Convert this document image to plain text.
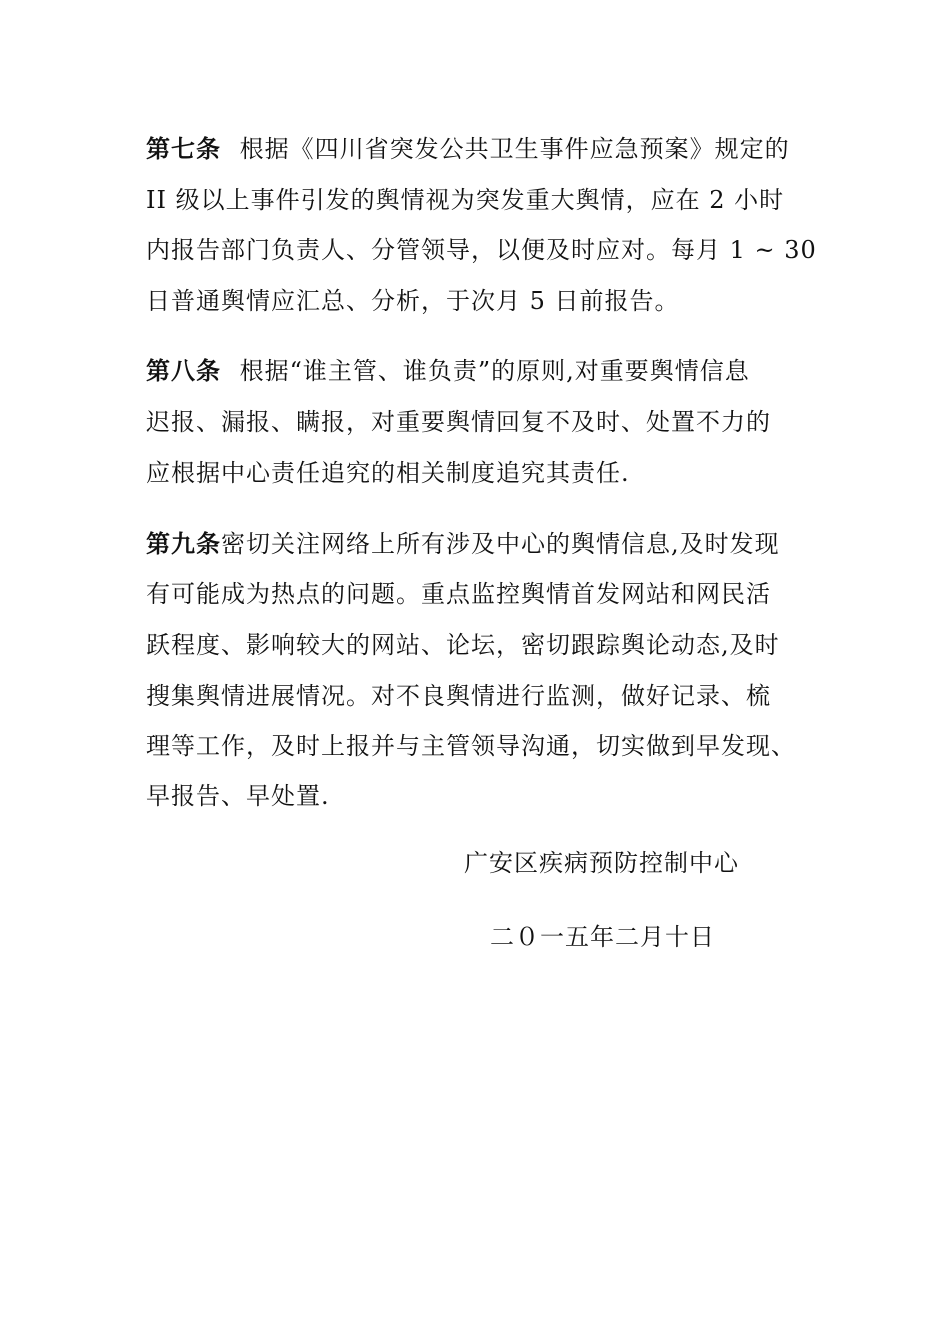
第七条 根据《四川省突发公共卫生事件应急预案》规定的
II 级以上事件引发的舆情视为突发重大舆情，应在 2 小时
内报告部门负责人、分管领导，以便及时应对。每月 1 ~ 30
日普通舆情应汇总、分析，于次月 5 日前报告。
第八条 根据“谁主管、谁负责”的原则,对重要舆情信息
迟报、漏报、瞒报，对重要舆情回复不及时、处置不力的
应根据中心责任追究的相关制度追究其责任.
第九条密切关注网络上所有涉及中心的舆情信息,及时发现
有可能成为热点的问题。重点监控舆情首发网站和网民活
跃程度、影响较大的网站、论坛，密切跟踪舆论动态,及时
搜集舆情进展情况。对不良舆情进行监测，做好记录、梳
理等工作，及时上报并与主管领导沟通，切实做到早发现、
早报告、早处置.
广安区疾病预防控制中心
二０一五年二月十日
